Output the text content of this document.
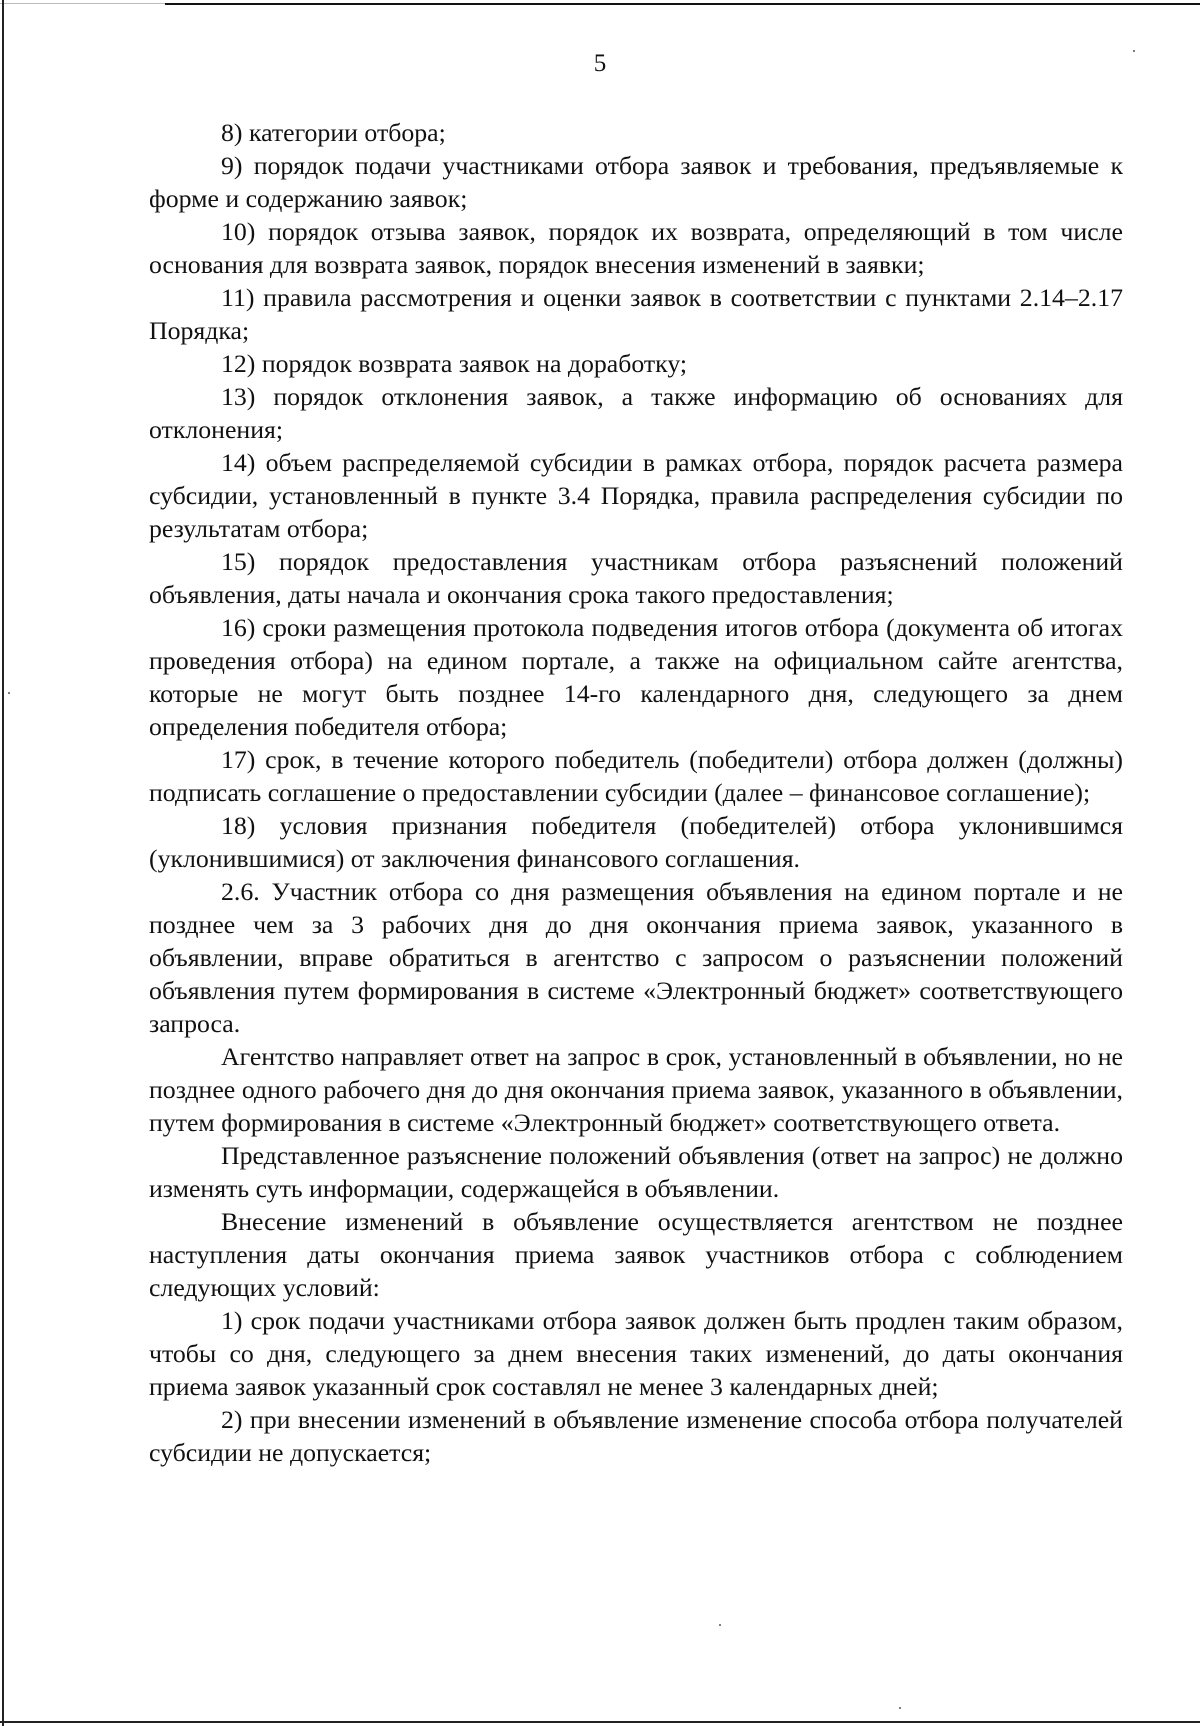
5

8) категории отбора;

9) порядок подачи участниками отбора заявок и требования, предъявляемые к форме и содержанию заявок;

10) порядок отзыва заявок, порядок их возврата, определяющий в том числе основания для возврата заявок, порядок внесения изменений в заявки;

11) правила рассмотрения и оценки заявок в соответствии с пунктами 2.14–2.17 Порядка;

12) порядок возврата заявок на доработку;

13) порядок отклонения заявок, а также информацию об основаниях для отклонения;

14) объем распределяемой субсидии в рамках отбора, порядок расчета размера субсидии, установленный в пункте 3.4 Порядка, правила распределения субсидии по результатам отбора;

15) порядок предоставления участникам отбора разъяснений положений объявления, даты начала и окончания срока такого предоставления;

16) сроки размещения протокола подведения итогов отбора (документа об итогах проведения отбора) на едином портале, а также на официальном сайте агентства, которые не могут быть позднее 14-го календарного дня, следующего за днем определения победителя отбора;

17) срок, в течение которого победитель (победители) отбора должен (должны) подписать соглашение о предоставлении субсидии (далее – финансовое соглашение);

18) условия признания победителя (победителей) отбора уклонившимся (уклонившимися) от заключения финансового соглашения.

2.6. Участник отбора со дня размещения объявления на едином портале и не позднее чем за 3 рабочих дня до дня окончания приема заявок, указанного в объявлении, вправе обратиться в агентство с запросом о разъяснении положений объявления путем формирования в системе «Электронный бюджет» соответствующего запроса.

Агентство направляет ответ на запрос в срок, установленный в объявлении, но не позднее одного рабочего дня до дня окончания приема заявок, указанного в объявлении, путем формирования в системе «Электронный бюджет» соответствующего ответа.

Представленное разъяснение положений объявления (ответ на запрос) не должно изменять суть информации, содержащейся в объявлении.

Внесение изменений в объявление осуществляется агентством не позднее наступления даты окончания приема заявок участников отбора с соблюдением следующих условий:

1) срок подачи участниками отбора заявок должен быть продлен таким образом, чтобы со дня, следующего за днем внесения таких изменений, до даты окончания приема заявок указанный срок составлял не менее 3 календарных дней;

2) при внесении изменений в объявление изменение способа отбора получателей субсидии не допускается;
